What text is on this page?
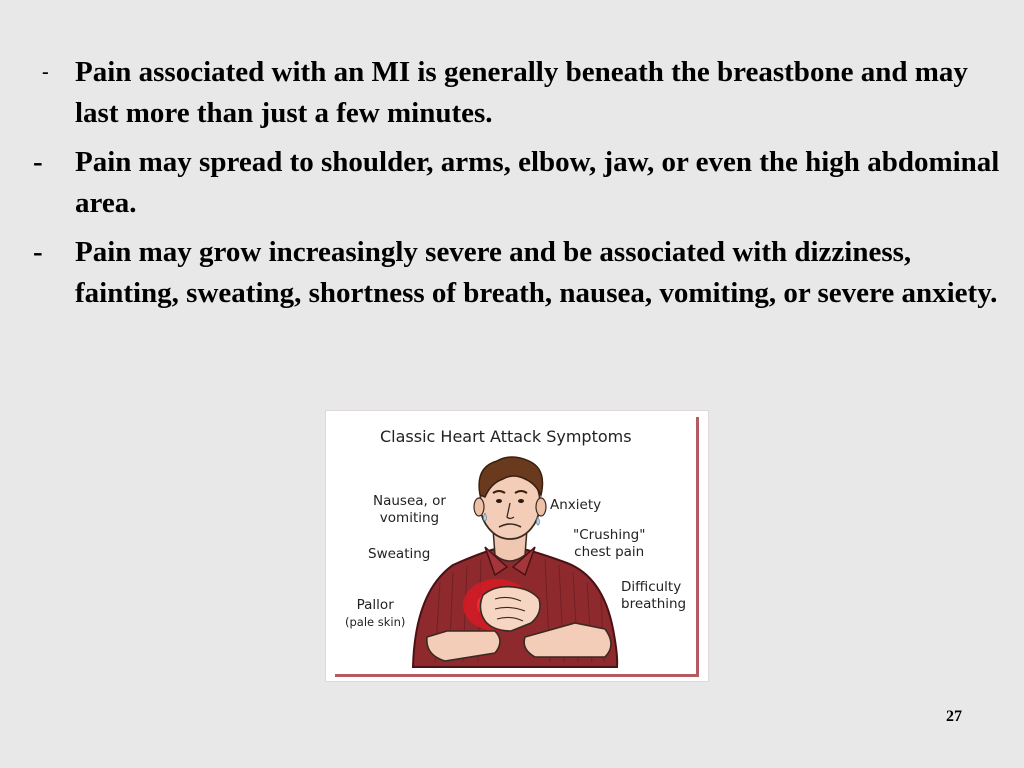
- Pain associated with an MI is generally beneath the breastbone and may last more than just a few minutes.
- Pain may spread to shoulder, arms, elbow, jaw, or even the high abdominal area.
- Pain may grow increasingly severe and be associated with dizziness, fainting, sweating, shortness of breath, nausea, vomiting, or severe anxiety.
Classic Heart Attack Symptoms
Nausea, or
vomiting
Sweating
Pallor
(pale skin)
Anxiety
"Crushing"
chest pain
Difficulty
breathing
27
